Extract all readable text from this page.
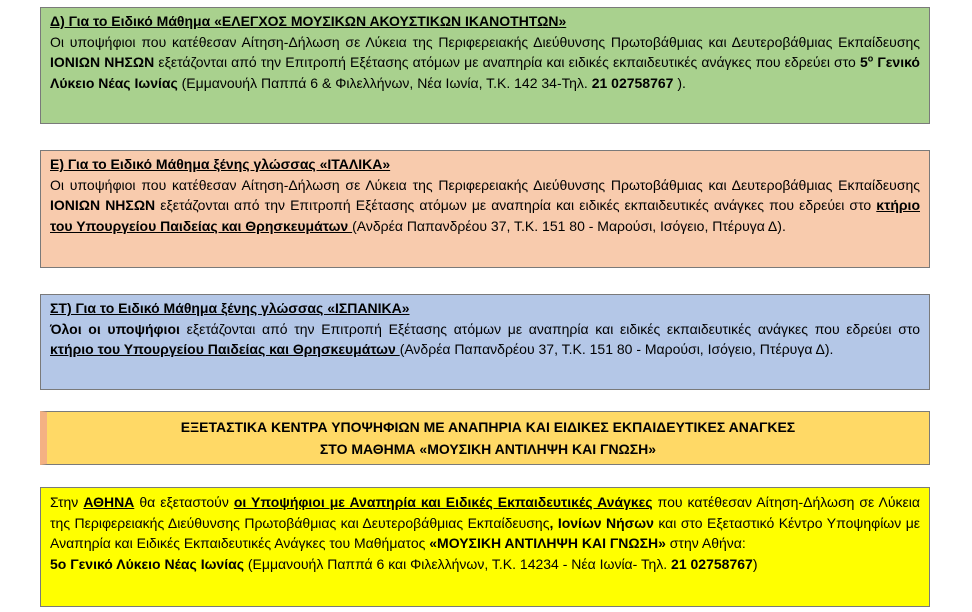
Δ) Για το Ειδικό Μάθημα «ΕΛΕΓΧΟΣ ΜΟΥΣΙΚΩΝ ΑΚΟΥΣΤΙΚΩΝ ΙΚΑΝΟΤΗΤΩΝ»

Οι υποψήφιοι που κατέθεσαν Αίτηση-Δήλωση σε Λύκεια της Περιφερειακής Διεύθυνσης Πρωτοβάθμιας και Δευτεροβάθμιας Εκπαίδευσης ΙΟΝΙΩΝ ΝΗΣΩΝ εξετάζονται από την Επιτροπή Εξέτασης ατόμων με αναπηρία και ειδικές εκπαιδευτικές ανάγκες που εδρεύει στο $5^o$ Γενικό Λύκειο Νέας Ιωνίας (Εμμανουήλ Παππά 6 & Φιλελλήνων, Νέα Ιωνία, Τ.Κ. 142 34-Τηλ. 21 02758767 ).

Ε) Για το Ειδικό Μάθημα ξένης γλώσσας «ΙΤΑΛΙΚΑ»

Οι υποψήφιοι που κατέθεσαν Αίτηση-Δήλωση σε Λύκεια της Περιφερειακής Διεύθυνσης Πρωτοβάθμιας και Δευτεροβάθμιας Εκπαίδευσης ΙΟΝΙΩΝ ΝΗΣΩΝ εξετάζονται από την Επιτροπή Εξέτασης ατόμων με αναπηρία και ειδικές εκπαιδευτικές ανάγκες που εδρεύει στο κτήριο του Υπουργείου Παιδείας και Θρησκευμάτων (Ανδρέα Παπανδρέου 37, Τ.Κ. 151 80 - Μαρούσι, Ισόγειο, Πτέρυγα Δ).

ΣΤ) Για το Ειδικό Μάθημα ξένης γλώσσας «ΙΣΠΑΝΙΚΑ»

Όλοι οι υποψήφιοι εξετάζονται από την Επιτροπή Εξέτασης ατόμων με αναπηρία και ειδικές εκπαιδευτικές ανάγκες που εδρεύει στο κτήριο του Υπουργείου Παιδείας και Θρησκευμάτων (Ανδρέα Παπανδρέου 37, Τ.Κ. 151 80 - Μαρούσι, Ισόγειο, Πτέρυγα Δ).

ΕΞΕΤΑΣΤΙΚΑ ΚΕΝΤΡΑ ΥΠΟΨΗΦΙΩΝ ΜΕ ΑΝΑΠΗΡΙΑ ΚΑΙ ΕΙΔΙΚΕΣ ΕΚΠΑΙΔΕΥΤΙΚΕΣ ΑΝΑΓΚΕΣ
ΣΤΟ ΜΑΘΗΜΑ «ΜΟΥΣΙΚΗ ΑΝΤΙΛΗΨΗ ΚΑΙ ΓΝΩΣΗ»

Στην ΑΘΗΝΑ θα εξεταστούν οι Υποψήφιοι με Αναπηρία και Ειδικές Εκπαιδευτικές Ανάγκες που κατέθεσαν Αίτηση-Δήλωση σε Λύκεια της Περιφερειακής Διεύθυνσης Πρωτοβάθμιας και Δευτεροβάθμιας Εκπαίδευσης, Ιονίων Νήσων και στο Εξεταστικό Κέντρο Υποψηφίων με Αναπηρία και Ειδικές Εκπαιδευτικές Ανάγκες του Μαθήματος «ΜΟΥΣΙΚΗ ΑΝΤΙΛΗΨΗ ΚΑΙ ΓΝΩΣΗ» στην Αθήνα:
5ο Γενικό Λύκειο Νέας Ιωνίας (Εμμανουήλ Παππά 6 και Φιλελλήνων, Τ.Κ. 14234 - Νέα Ιωνία- Τηλ. 21 02758767)
